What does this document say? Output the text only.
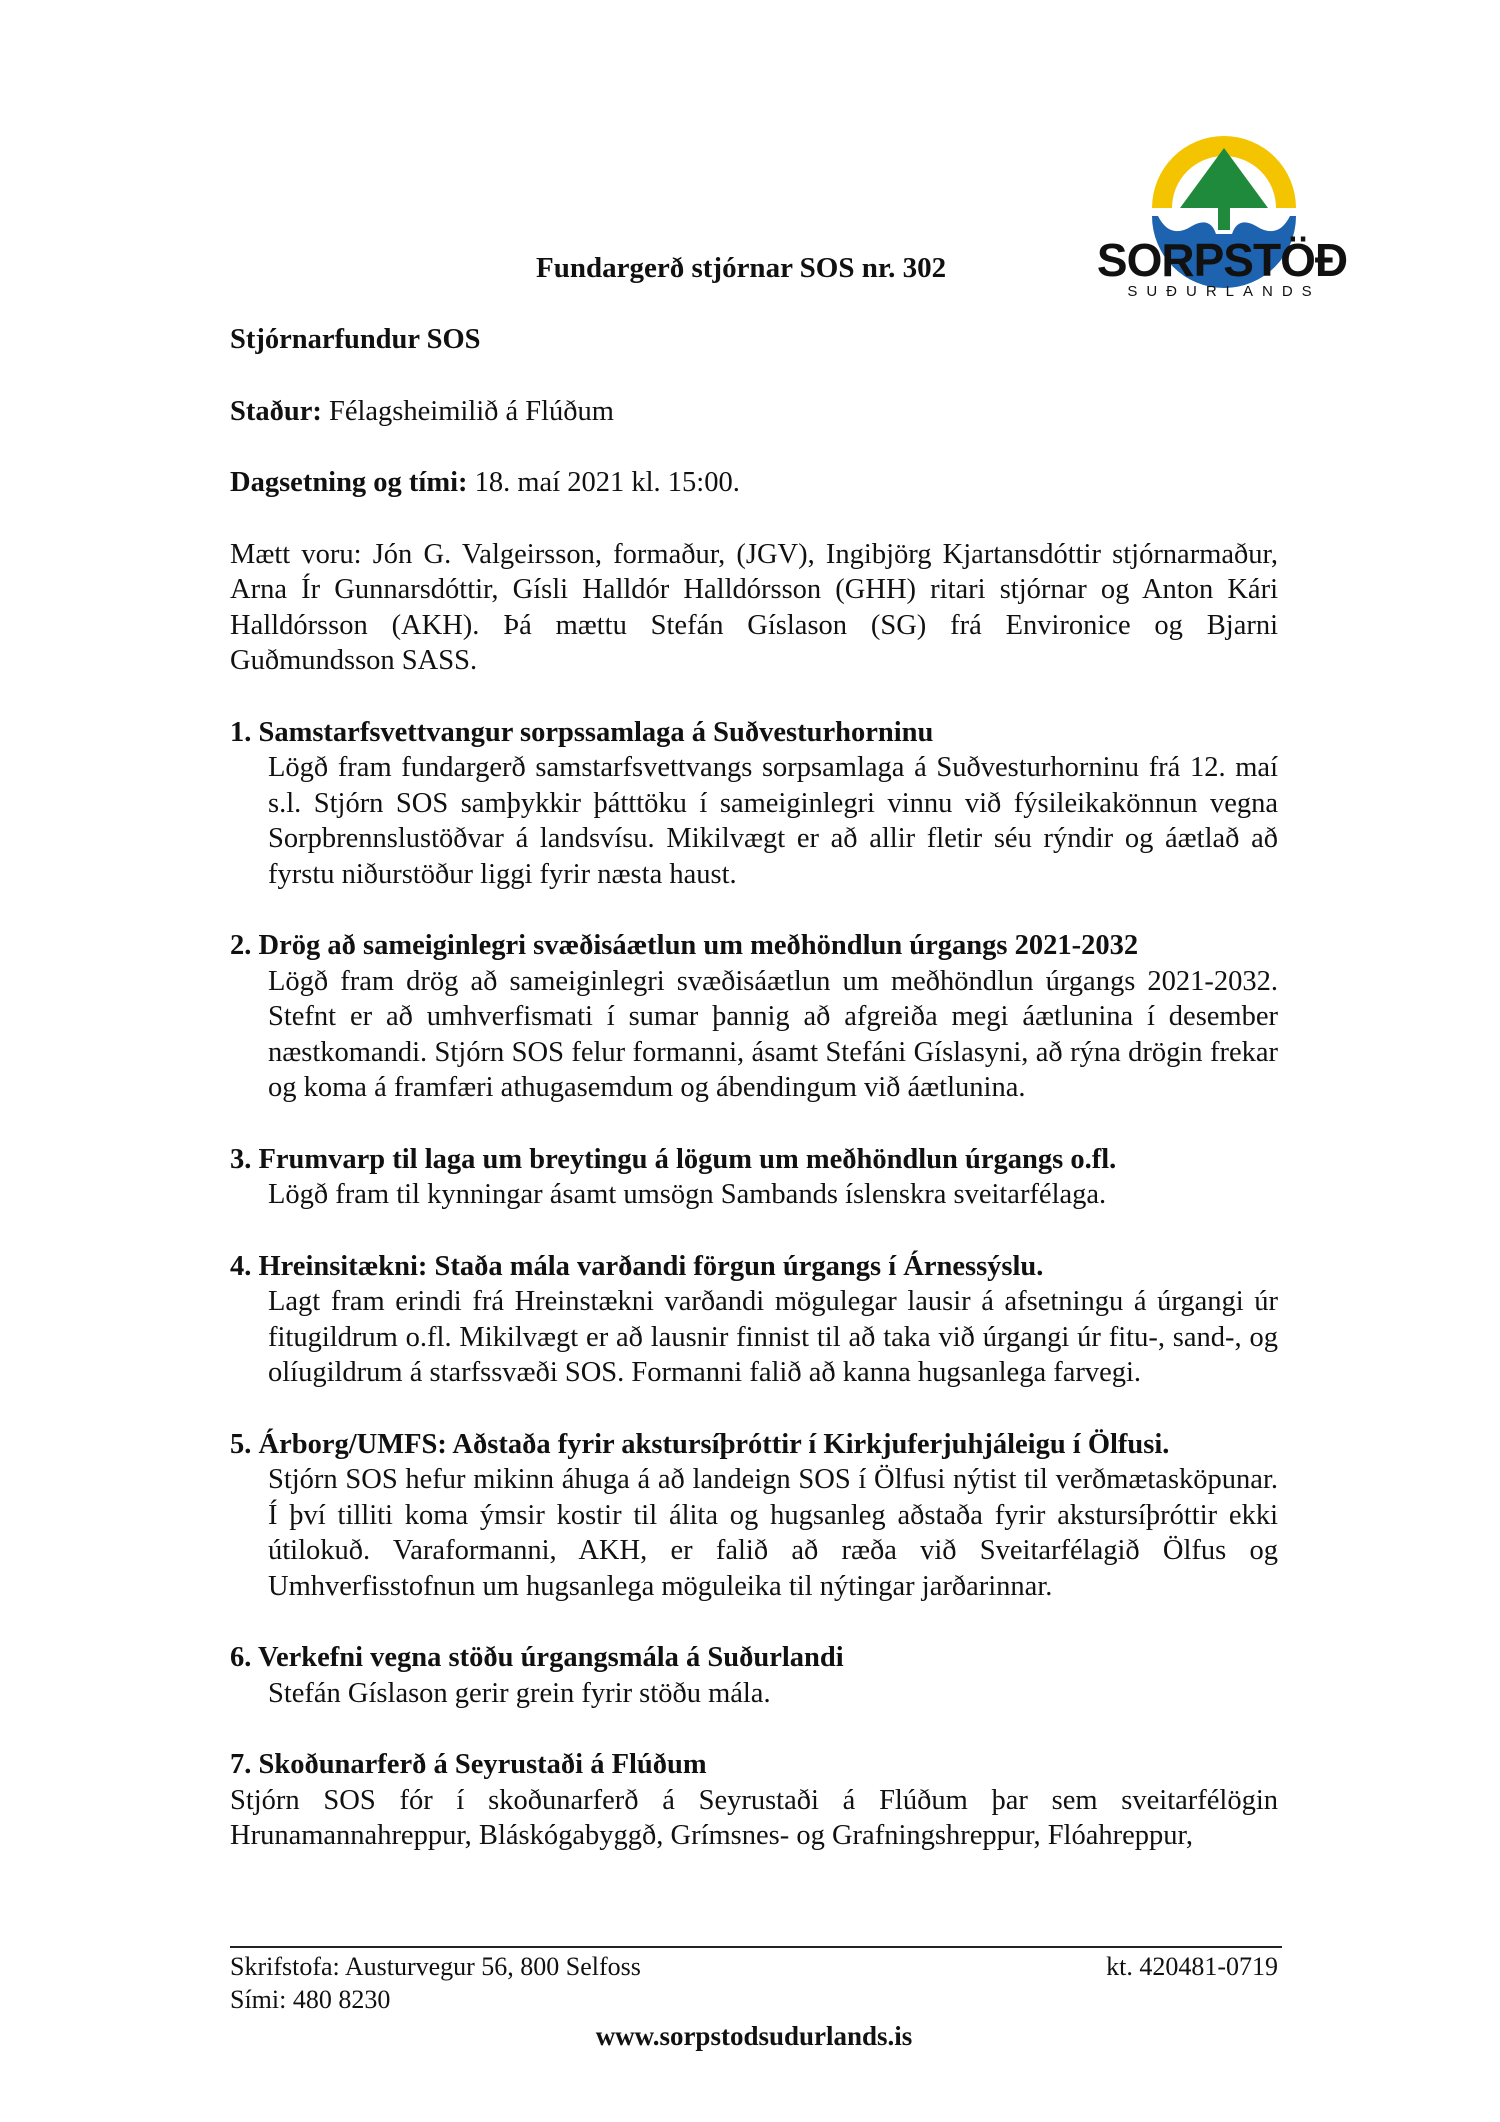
SORPSTÖÐ
SUÐURLANDS
Fundargerð stjórnar SOS nr. 302

Stjórnarfundur SOS

Staður: Félagsheimilið á Flúðum

Dagsetning og tími: 18. maí 2021 kl. 15:00.

Mætt voru: Jón G. Valgeirsson, formaður, (JGV), Ingibjörg Kjartansdóttir stjórnarmaður, Arna Ír Gunnarsdóttir, Gísli Halldór Halldórsson (GHH) ritari stjórnar og Anton Kári Halldórsson (AKH). Þá mættu Stefán Gíslason (SG) frá Environice og Bjarni Guðmundsson SASS.

1. Samstarfsvettvangur sorpssamlaga á Suðvesturhorninu
Lögð fram fundargerð samstarfsvettvangs sorpsamlaga á Suðvesturhorninu frá 12. maí s.l. Stjórn SOS samþykkir þátttöku í sameiginlegri vinnu við fýsileikakönnun vegna Sorpbrennslustöðvar á landsvísu. Mikilvægt er að allir fletir séu rýndir og áætlað að fyrstu niðurstöður liggi fyrir næsta haust.
2. Drög að sameiginlegri svæðisáætlun um meðhöndlun úrgangs 2021-2032
Lögð fram drög að sameiginlegri svæðisáætlun um meðhöndlun úrgangs 2021-2032. Stefnt er að umhverfismati í sumar þannig að afgreiða megi áætlunina í desember næstkomandi. Stjórn SOS felur formanni, ásamt Stefáni Gíslasyni, að rýna drögin frekar og koma á framfæri athugasemdum og ábendingum við áætlunina.
3. Frumvarp til laga um breytingu á lögum um meðhöndlun úrgangs o.fl.
Lögð fram til kynningar ásamt umsögn Sambands íslenskra sveitarfélaga.
4. Hreinsitækni: Staða mála varðandi förgun úrgangs í Árnessýslu.
Lagt fram erindi frá Hreinstækni varðandi mögulegar lausir á afsetningu á úrgangi úr fitugildrum o.fl. Mikilvægt er að lausnir finnist til að taka við úrgangi úr fitu-, sand-, og olíugildrum á starfssvæði SOS. Formanni falið að kanna hugsanlega farvegi.
5. Árborg/UMFS: Aðstaða fyrir akstursíþróttir í Kirkjuferjuhjáleigu í Ölfusi.
Stjórn SOS hefur mikinn áhuga á að landeign SOS í Ölfusi nýtist til verðmætasköpunar. Í því tilliti koma ýmsir kostir til álita og hugsanleg aðstaða fyrir akstursíþróttir ekki útilokuð. Varaformanni, AKH, er falið að ræða við Sveitarfélagið Ölfus og Umhverfisstofnun um hugsanlega möguleika til nýtingar jarðarinnar.
6. Verkefni vegna stöðu úrgangsmála á Suðurlandi
Stefán Gíslason gerir grein fyrir stöðu mála.
7. Skoðunarferð á Seyrustaði á Flúðum
Stjórn SOS fór í skoðunarferð á Seyrustaði á Flúðum þar sem sveitarfélögin Hrunamannahreppur, Bláskógabyggð, Grímsnes- og Grafningshreppur, Flóahreppur,
Skrifstofa: Austurvegur 56, 800 Selfoss	kt. 420481-0719
Sími: 480 8230
www.sorpstodsudurlands.is
